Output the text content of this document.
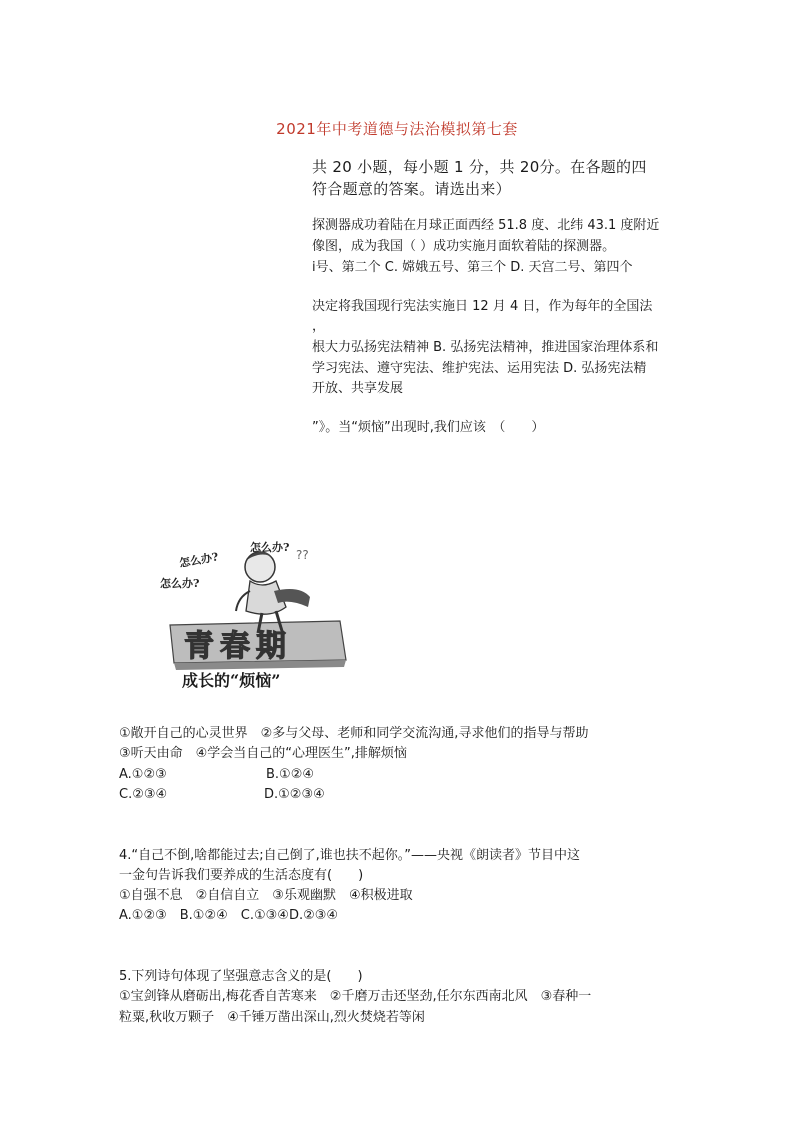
2021年中考道德与法治模拟第七套
共 20 小题，每小题 1 分，共 20分。在各题的四
符合题意的答案。请选出来）
探测器成功着陆在月球正面西经 51.8 度、北纬 43.1 度附近
像图，成为我国（ ）成功实施月面软着陆的探测器。
i号、第二个 C. 嫦娥五号、第三个 D. 天宫二号、第四个
决定将我国现行宪法实施日 12 月 4 日，作为每年的全国法
，
根大力弘扬宪法精神 B. 弘扬宪法精神，推进国家治理体系和
学习宪法、遵守宪法、维护宪法、运用宪法 D. 弘扬宪法精
开放、共享发展
”》。当“烦恼”出现时,我们应该　（　　）
??
青春期
怎么办?
怎么办?
怎么办?
成长的“烦恼”
①敞开自己的心灵世界　②多与父母、老师和同学交流沟通,寻求他们的指导与帮助
③听天由命　④学会当自己的“心理医生”,排解烦恼
A.①②③	B.①②④
C.②③④	D.①②③④
4.“自己不倒,啥都能过去;自己倒了,谁也扶不起你。”——央视《朗读者》节目中这
一金句告诉我们要养成的生活态度有(　　)
①自强不息　②自信自立　③乐观幽默　④积极进取
A.①②③　B.①②④　C.①③④D.②③④
5.下列诗句体现了坚强意志含义的是(　　)
①宝剑锋从磨砺出,梅花香自苦寒来　②千磨万击还坚劲,任尔东西南北风　③春种一
粒粟,秋收万颗子　④千锤万凿出深山,烈火焚烧若等闲
